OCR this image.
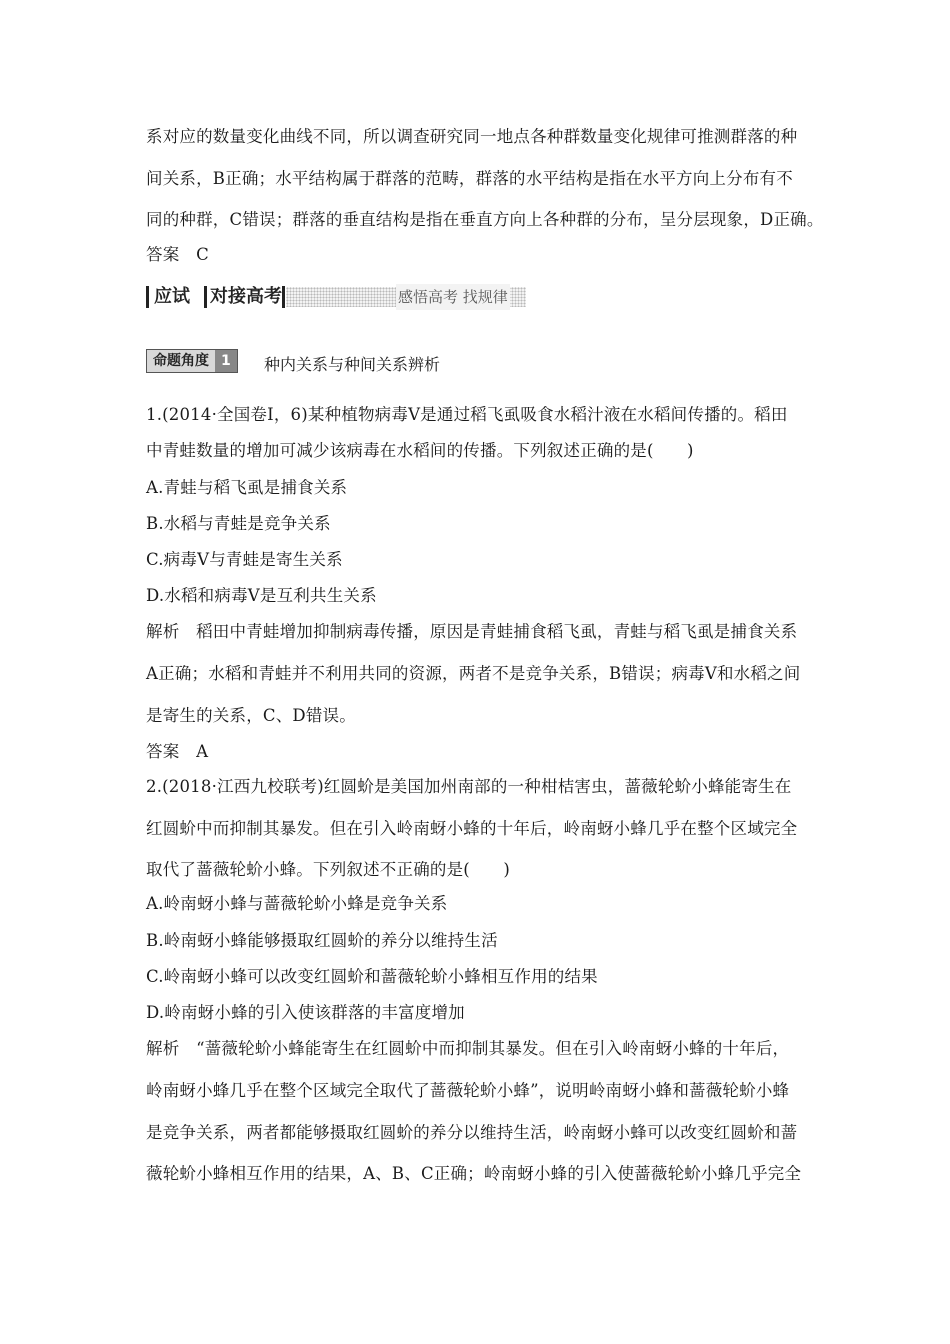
系对应的数量变化曲线不同，所以调查研究同一地点各种群数量变化规律可推测群落的种
间关系，B正确；水平结构属于群落的范畴，群落的水平结构是指在水平方向上分布有不
同的种群，C错误；群落的垂直结构是指在垂直方向上各种群的分布，呈分层现象，D正确。
答案　C
应试 对接高考	感悟高考 找规律
命题角度 1	种内关系与种间关系辨析
1.(2014·全国卷Ⅰ，6)某种植物病毒V是通过稻飞虱吸食水稻汁液在水稻间传播的。稻田
中青蛙数量的增加可减少该病毒在水稻间的传播。下列叙述正确的是(　　)
A.青蛙与稻飞虱是捕食关系
B.水稻与青蛙是竞争关系
C.病毒V与青蛙是寄生关系
D.水稻和病毒V是互利共生关系
解析　稻田中青蛙增加抑制病毒传播，原因是青蛙捕食稻飞虱，青蛙与稻飞虱是捕食关系
A正确；水稻和青蛙并不利用共同的资源，两者不是竞争关系，B错误；病毒V和水稻之间
是寄生的关系，C、D错误。
答案　A
2.(2018·江西九校联考)红圆蚧是美国加州南部的一种柑桔害虫，蔷薇轮蚧小蜂能寄生在
红圆蚧中而抑制其暴发。但在引入岭南蚜小蜂的十年后，岭南蚜小蜂几乎在整个区域完全
取代了蔷薇轮蚧小蜂。下列叙述不正确的是(　　)
A.岭南蚜小蜂与蔷薇轮蚧小蜂是竞争关系
B.岭南蚜小蜂能够摄取红圆蚧的养分以维持生活
C.岭南蚜小蜂可以改变红圆蚧和蔷薇轮蚧小蜂相互作用的结果
D.岭南蚜小蜂的引入使该群落的丰富度增加
解析　“蔷薇轮蚧小蜂能寄生在红圆蚧中而抑制其暴发。但在引入岭南蚜小蜂的十年后，
岭南蚜小蜂几乎在整个区域完全取代了蔷薇轮蚧小蜂”，说明岭南蚜小蜂和蔷薇轮蚧小蜂
是竞争关系，两者都能够摄取红圆蚧的养分以维持生活，岭南蚜小蜂可以改变红圆蚧和蔷
薇轮蚧小蜂相互作用的结果，A、B、C正确；岭南蚜小蜂的引入使蔷薇轮蚧小蜂几乎完全
